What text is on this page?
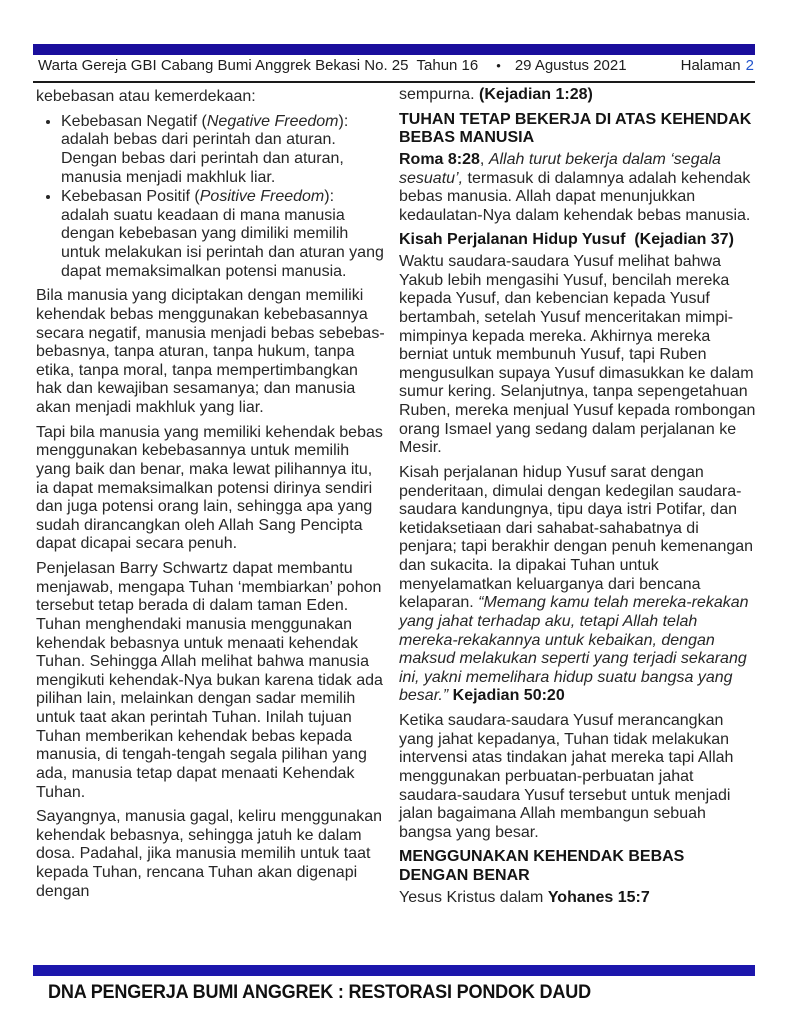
Warta Gereja GBI Cabang Bumi Anggrek Bekasi No. 25  Tahun 16 • 29 Agustus 2021	Halaman 2
kebebasan atau kemerdekaan:
• Kebebasan Negatif (Negative Freedom): adalah bebas dari perintah dan aturan. Dengan bebas dari perintah dan aturan, manusia menjadi makhluk liar.
• Kebebasan Positif (Positive Freedom): adalah suatu keadaan di mana manusia dengan kebebasan yang dimiliki memilih untuk melakukan isi perintah dan aturan yang dapat memaksimalkan potensi manusia.
Bila manusia yang diciptakan dengan memiliki kehendak bebas menggunakan kebebasannya secara negatif, manusia menjadi bebas sebebas-bebasnya, tanpa aturan, tanpa hukum, tanpa etika, tanpa moral, tanpa mempertimbangkan hak dan kewajiban sesamanya; dan manusia akan menjadi makhluk yang liar.
Tapi bila manusia yang memiliki kehendak bebas menggunakan kebebasannya untuk memilih yang baik dan benar, maka lewat pilihannya itu, ia dapat memaksimalkan potensi dirinya sendiri dan juga potensi orang lain, sehingga apa yang sudah dirancangkan oleh Allah Sang Pencipta dapat dicapai secara penuh.
Penjelasan Barry Schwartz dapat membantu menjawab, mengapa Tuhan ‘membiarkan’ pohon tersebut tetap berada di dalam taman Eden. Tuhan menghendaki manusia menggunakan kehendak bebasnya untuk menaati kehendak Tuhan. Sehingga Allah melihat bahwa manusia mengikuti kehendak-Nya bukan karena tidak ada pilihan lain, melainkan dengan sadar memilih untuk taat akan perintah Tuhan. Inilah tujuan Tuhan memberikan kehendak bebas kepada manusia, di tengah-tengah segala pilihan yang ada, manusia tetap dapat menaati Kehendak Tuhan.
Sayangnya, manusia gagal, keliru menggunakan kehendak bebasnya, sehingga jatuh ke dalam dosa. Padahal, jika manusia memilih untuk taat kepada Tuhan, rencana Tuhan akan digenapi dengan
sempurna. (Kejadian 1:28)
TUHAN TETAP BEKERJA DI ATAS KEHENDAK BEBAS MANUSIA
Roma 8:28, Allah turut bekerja dalam ‘segala sesuatu’, termasuk di dalamnya adalah kehendak bebas manusia. Allah dapat menunjukkan kedaulatan-Nya dalam kehendak bebas manusia.
Kisah Perjalanan Hidup Yusuf  (Kejadian 37)
Waktu saudara-saudara Yusuf melihat bahwa Yakub lebih mengasihi Yusuf, bencilah mereka kepada Yusuf, dan kebencian kepada Yusuf bertambah, setelah Yusuf menceritakan mimpi-mimpinya kepada mereka. Akhirnya mereka berniat untuk membunuh Yusuf, tapi Ruben mengusulkan supaya Yusuf dimasukkan ke dalam sumur kering. Selanjutnya, tanpa sepengetahuan Ruben, mereka menjual Yusuf kepada rombongan orang Ismael yang sedang dalam perjalanan ke Mesir.
Kisah perjalanan hidup Yusuf sarat dengan penderitaan, dimulai dengan kedegilan saudara-saudara kandungnya, tipu daya istri Potifar, dan ketidaksetiaan dari sahabat-sahabatnya di penjara; tapi berakhir dengan penuh kemenangan dan sukacita. Ia dipakai Tuhan untuk menyelamatkan keluarganya dari bencana kelaparan. “Memang kamu telah mereka-rekakan yang jahat terhadap aku, tetapi Allah telah mereka-rekakannya untuk kebaikan, dengan maksud melakukan seperti yang terjadi sekarang ini, yakni memelihara hidup suatu bangsa yang besar.” Kejadian 50:20
Ketika saudara-saudara Yusuf merancangkan yang jahat kepadanya, Tuhan tidak melakukan intervensi atas tindakan jahat mereka tapi Allah menggunakan perbuatan-perbuatan jahat saudara-saudara Yusuf tersebut untuk menjadi jalan bagaimana Allah membangun sebuah bangsa yang besar.
MENGGUNAKAN KEHENDAK BEBAS DENGAN BENAR
Yesus Kristus dalam Yohanes 15:7
DNA PENGERJA BUMI ANGGREK : RESTORASI PONDOK DAUD
